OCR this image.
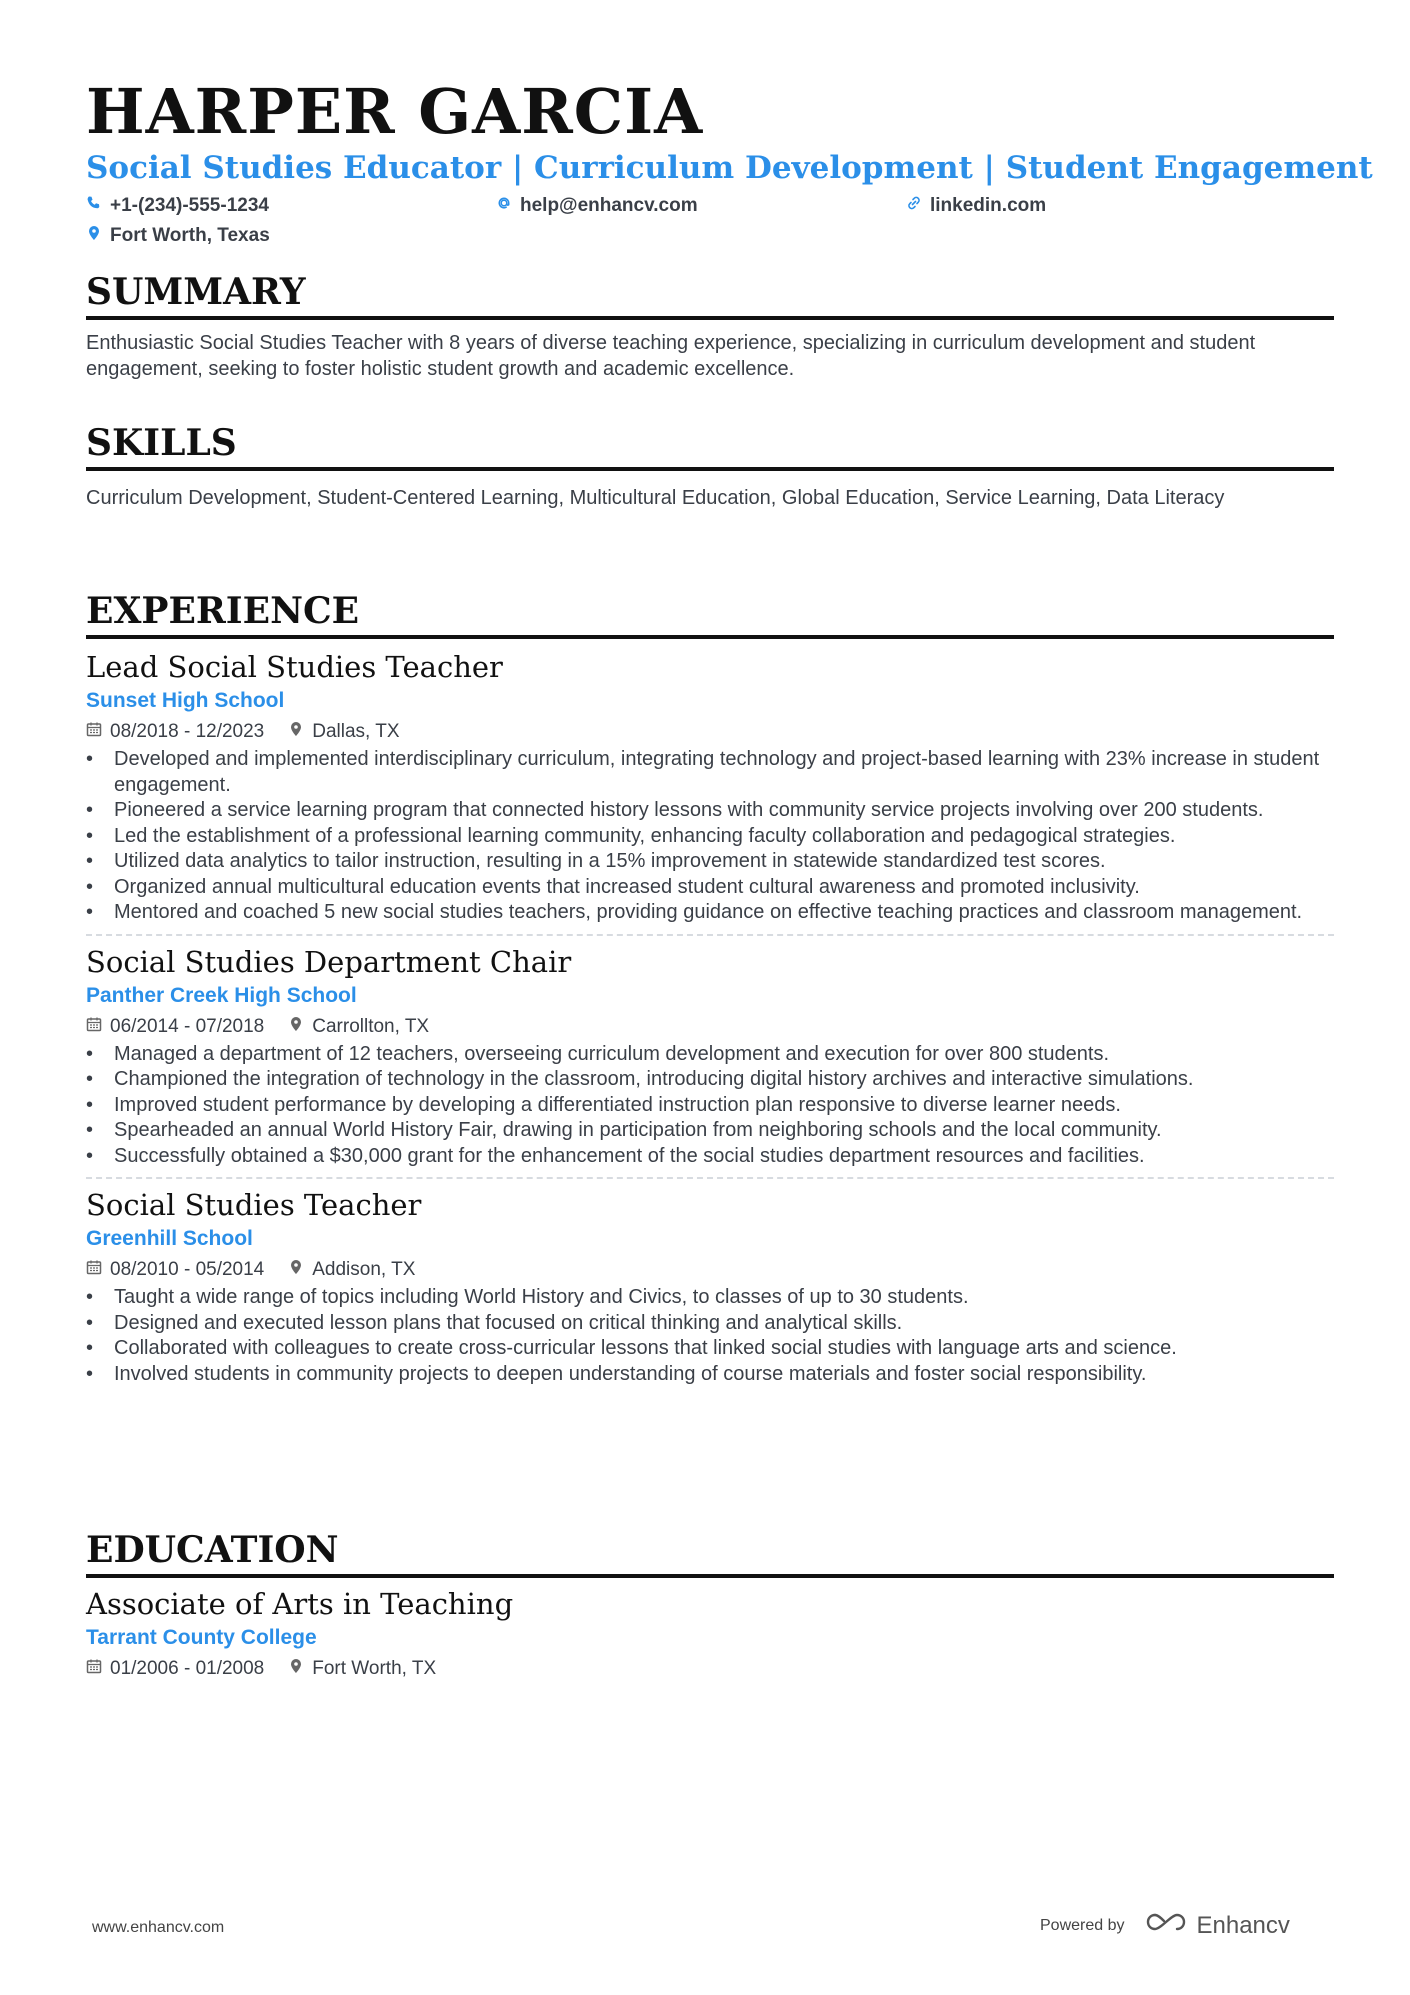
HARPER GARCIA
Social Studies Educator | Curriculum Development | Student Engagement
+1-(234)-555-1234	help@enhancv.com	linkedin.com
Fort Worth, Texas
SUMMARY
Enthusiastic Social Studies Teacher with 8 years of diverse teaching experience, specializing in curriculum development and student engagement, seeking to foster holistic student growth and academic excellence.
SKILLS
Curriculum Development, Student-Centered Learning, Multicultural Education, Global Education, Service Learning, Data Literacy
EXPERIENCE
Lead Social Studies Teacher
Sunset High School
08/2018 - 12/2023	Dallas, TX
• Developed and implemented interdisciplinary curriculum, integrating technology and project-based learning with 23% increase in student engagement.
• Pioneered a service learning program that connected history lessons with community service projects involving over 200 students.
• Led the establishment of a professional learning community, enhancing faculty collaboration and pedagogical strategies.
• Utilized data analytics to tailor instruction, resulting in a 15% improvement in statewide standardized test scores.
• Organized annual multicultural education events that increased student cultural awareness and promoted inclusivity.
• Mentored and coached 5 new social studies teachers, providing guidance on effective teaching practices and classroom management.
Social Studies Department Chair
Panther Creek High School
06/2014 - 07/2018	Carrollton, TX
• Managed a department of 12 teachers, overseeing curriculum development and execution for over 800 students.
• Championed the integration of technology in the classroom, introducing digital history archives and interactive simulations.
• Improved student performance by developing a differentiated instruction plan responsive to diverse learner needs.
• Spearheaded an annual World History Fair, drawing in participation from neighboring schools and the local community.
• Successfully obtained a $30,000 grant for the enhancement of the social studies department resources and facilities.
Social Studies Teacher
Greenhill School
08/2010 - 05/2014	Addison, TX
• Taught a wide range of topics including World History and Civics, to classes of up to 30 students.
• Designed and executed lesson plans that focused on critical thinking and analytical skills.
• Collaborated with colleagues to create cross-curricular lessons that linked social studies with language arts and science.
• Involved students in community projects to deepen understanding of course materials and foster social responsibility.
EDUCATION
Associate of Arts in Teaching
Tarrant County College
01/2006 - 01/2008	Fort Worth, TX
www.enhancv.com	Powered by	Enhancv
